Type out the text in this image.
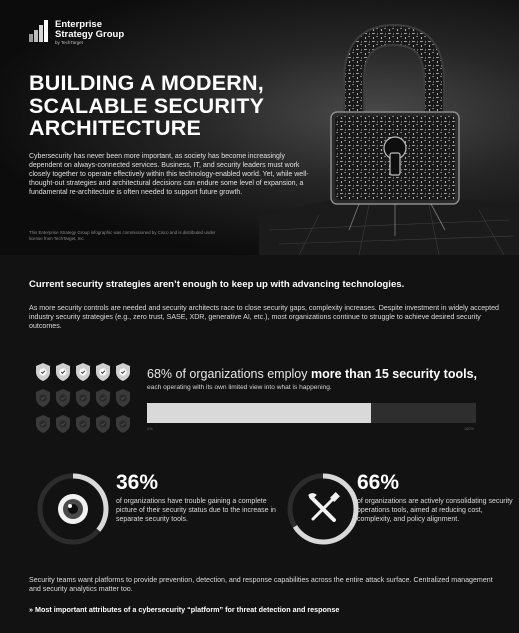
Enterprise
Strategy Group
by TechTarget
BUILDING A MODERN, SCALABLE SECURITY ARCHITECTURE

Cybersecurity has never been more important, as society has become increasingly dependent on always-connected services. Business, IT, and security leaders must work closely together to operate effectively within this technology-enabled world. Yet, while well-thought-out strategies and architectural decisions can endure some level of expansion, a fundamental re-architecture is often needed to support future growth.

This Enterprise Strategy Group infographic was commissioned by Cisco and is distributed under license from TechTarget, Inc.

Current security strategies aren’t enough to keep up with advancing technologies.

As more security controls are needed and security architects race to close security gaps, complexity increases. Despite investment in widely accepted industry security strategies (e.g., zero trust, SASE, XDR, generative AI, etc.), most organizations continue to struggle to achieve desired security outcomes.

68% of organizations employ more than 15 security tools,

each operating with its own limited view into what is happening.

0%	100%

36%

of organizations have trouble gaining a complete picture of their security status due to the increase in separate security tools.

66%

of organizations are actively consolidating security operations tools, aimed at reducing cost, complexity, and policy alignment.

Security teams want platforms to provide prevention, detection, and response capabilities across the entire attack surface. Centralized management and security analytics matter too.

» Most important attributes of a cybersecurity “platform” for threat detection and response
